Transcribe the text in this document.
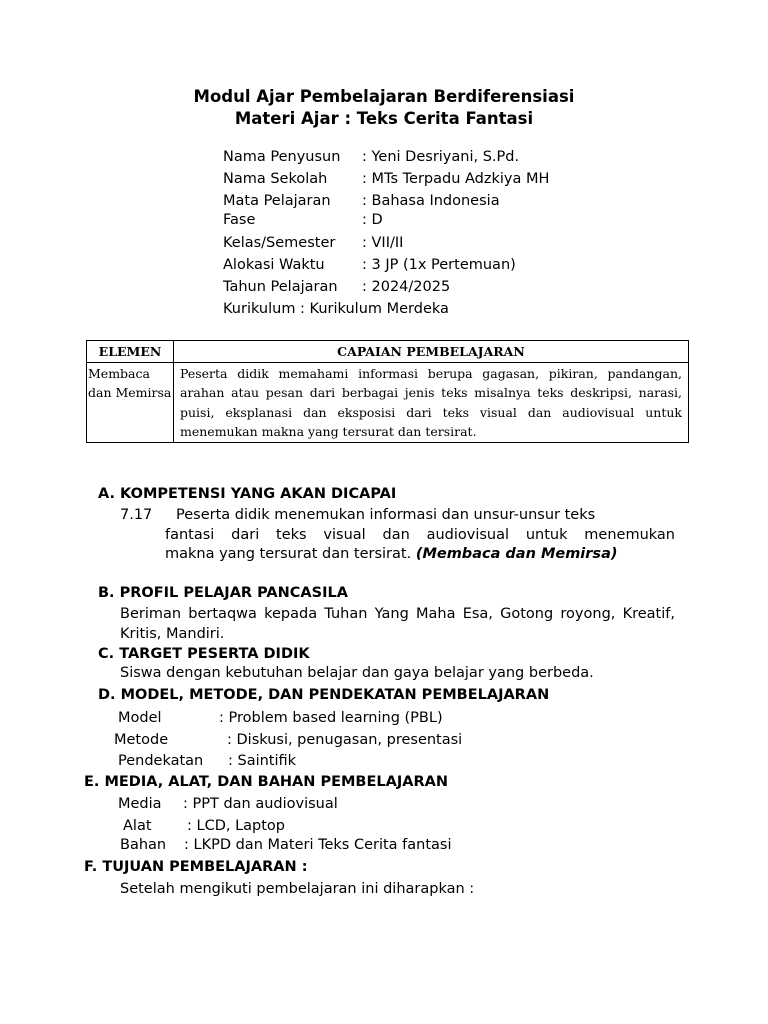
Modul Ajar Pembelajaran Berdiferensiasi
Materi Ajar : Teks Cerita Fantasi
Nama Penyusun : Yeni Desriyani, S.Pd.
Nama Sekolah : MTs Terpadu Adzkiya MH
Mata Pelajaran : Bahasa Indonesia
Fase	: D
Kelas/Semester : VII/II
Alokasi Waktu	: 3 JP (1x Pertemuan)
Tahun Pelajaran : 2024/2025
Kurikulum : Kurikulum Merdeka
ELEMEN	CAPAIAN PEMBELAJARAN
Membaca dan Memirsa	Peserta didik memahami informasi berupa gagasan, pikiran, pandangan, arahan atau pesan dari berbagai jenis teks misalnya teks deskripsi, narasi, puisi, eksplanasi dan eksposisi dari teks visual dan audiovisual untuk menemukan makna yang tersurat dan tersirat.
A. KOMPETENSI YANG AKAN DICAPAI
7.17 Peserta didik menemukan informasi dan unsur-unsur teks
fantasi dari teks visual dan audiovisual untuk menemukan
makna yang tersurat dan tersirat. (Membaca dan Memirsa)
B. PROFIL PELAJAR PANCASILA
Beriman bertaqwa kepada Tuhan Yang Maha Esa, Gotong royong, Kreatif, Kritis, Mandiri.
C. TARGET PESERTA DIDIK
Siswa dengan kebutuhan belajar dan gaya belajar yang berbeda.
D. MODEL, METODE, DAN PENDEKATAN PEMBELAJARAN
Model	: Problem based learning (PBL)
Metode	: Diskusi, penugasan, presentasi
Pendekatan : Saintifik
E. MEDIA, ALAT, DAN BAHAN PEMBELAJARAN
Media : PPT dan audiovisual
Alat : LCD, Laptop
Bahan : LKPD dan Materi Teks Cerita fantasi
F. TUJUAN PEMBELAJARAN :
Setelah mengikuti pembelajaran ini diharapkan :
